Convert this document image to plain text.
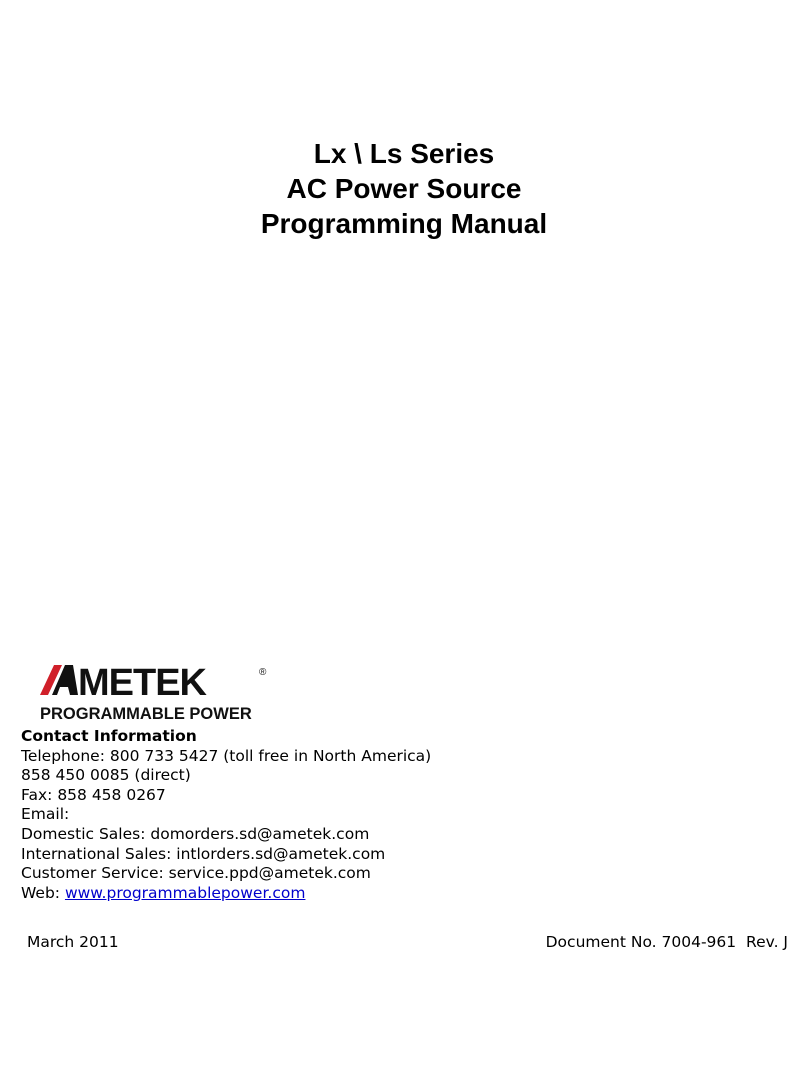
Lx \ Ls Series
AC Power Source
Programming Manual
METEK	®
PROGRAMMABLE POWER
Contact Information
Telephone: 800 733 5427 (toll free in North America)
858 450 0085 (direct)
Fax: 858 458 0267
Email:
Domestic Sales: domorders.sd@ametek.com
International Sales: intlorders.sd@ametek.com
Customer Service: service.ppd@ametek.com
Web: www.programmablepower.com
March 2011	Document No. 7004-961  Rev. J
